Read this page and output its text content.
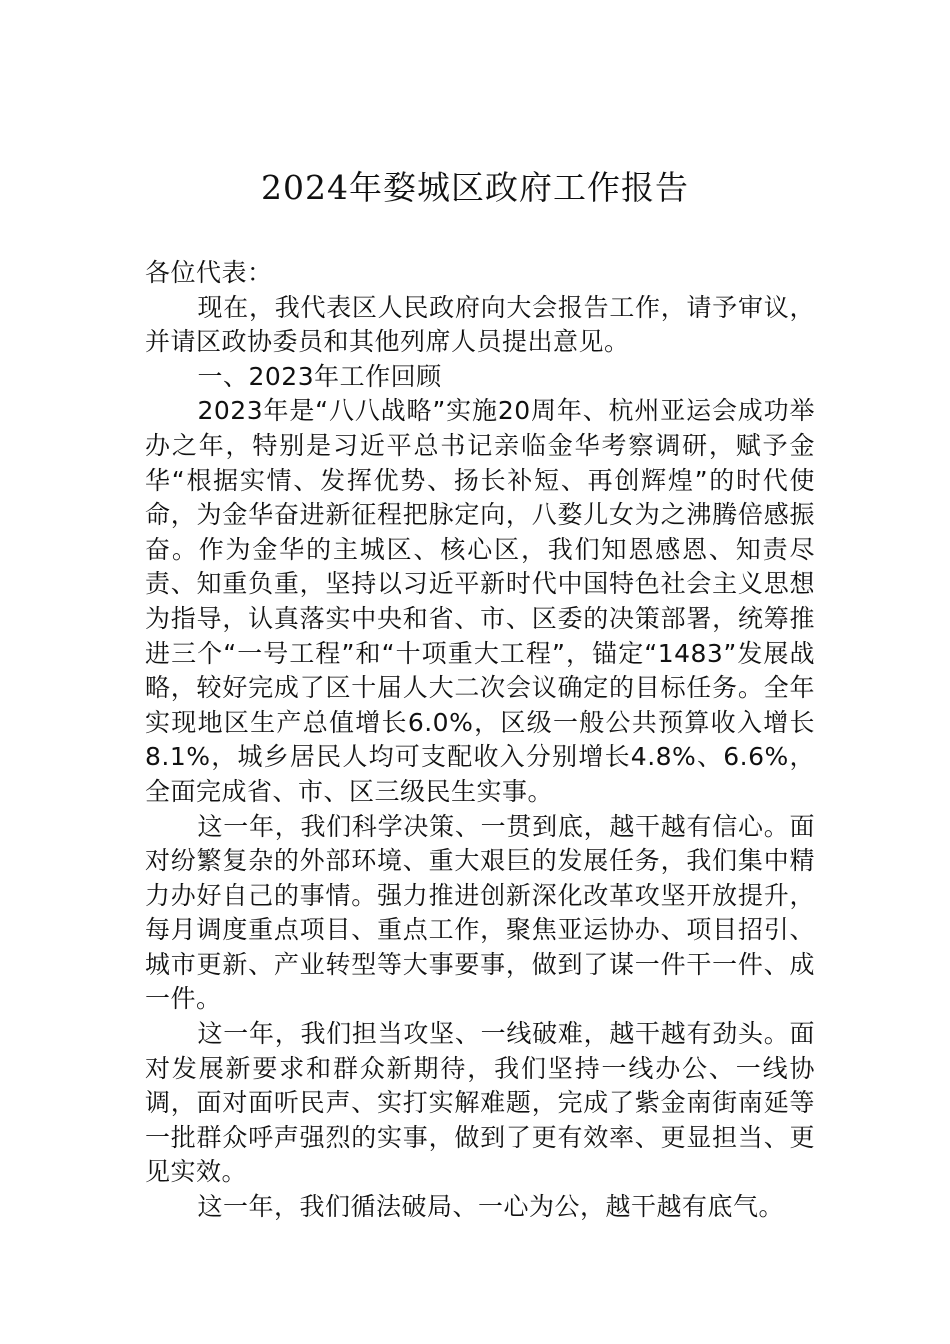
2024年婺城区政府工作报告

各位代表：

现在，我代表区人民政府向大会报告工作，请予审议，并请区政协委员和其他列席人员提出意见。

一、2023年工作回顾

2023年是“八八战略”实施20周年、杭州亚运会成功举办之年，特别是习近平总书记亲临金华考察调研，赋予金华“根据实情、发挥优势、扬长补短、再创辉煌”的时代使命，为金华奋进新征程把脉定向，八婺儿女为之沸腾倍感振奋。作为金华的主城区、核心区，我们知恩感恩、知责尽责、知重负重，坚持以习近平新时代中国特色社会主义思想为指导，认真落实中央和省、市、区委的决策部署，统筹推进三个“一号工程”和“十项重大工程”，锚定“1483”发展战略，较好完成了区十届人大二次会议确定的目标任务。全年实现地区生产总值增长6.0%，区级一般公共预算收入增长8.1%，城乡居民人均可支配收入分别增长4.8%、6.6%，全面完成省、市、区三级民生实事。

这一年，我们科学决策、一贯到底，越干越有信心。面对纷繁复杂的外部环境、重大艰巨的发展任务，我们集中精力办好自己的事情。强力推进创新深化改革攻坚开放提升，每月调度重点项目、重点工作，聚焦亚运协办、项目招引、城市更新、产业转型等大事要事，做到了谋一件干一件、成一件。

这一年，我们担当攻坚、一线破难，越干越有劲头。面对发展新要求和群众新期待，我们坚持一线办公、一线协调，面对面听民声、实打实解难题，完成了紫金南街南延等一批群众呼声强烈的实事，做到了更有效率、更显担当、更见实效。

这一年，我们循法破局、一心为公，越干越有底气。
